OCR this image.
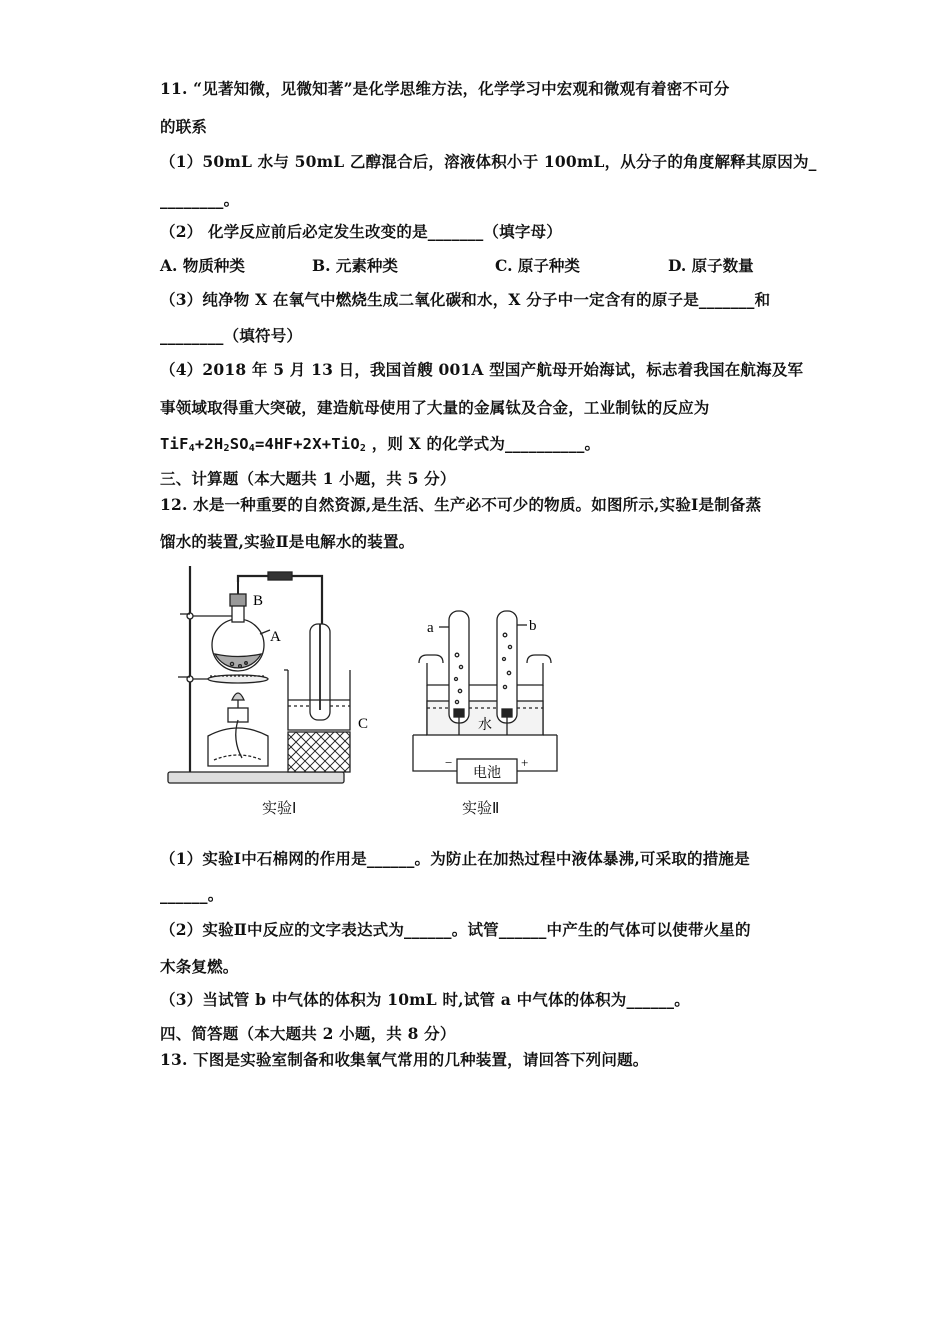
11. “见著知微，见微知著”是化学思维方法，化学学习中宏观和微观有着密不可分
的联系
（1）50mL 水与 50mL 乙醇混合后，溶液体积小于 100mL，从分子的角度解释其原因为_
________。
（2） 化学反应前后必定发生改变的是_______（填字母）
A. 物质种类	B. 元素种类	C. 原子种类	D. 原子数量
（3）纯净物 X 在氧气中燃烧生成二氧化碳和水，X 分子中一定含有的原子是_______和
________（填符号）
（4）2018 年 5 月 13 日，我国首艘 001A 型国产航母开始海试，标志着我国在航海及军
事领域取得重大突破，建造航母使用了大量的金属钛及合金，工业制钛的反应为
$TiF_4+2H_2SO_4=4HF+2X+TiO_2$ ，则 X 的化学式为__________。
三、计算题（本大题共 1 小题，共 5 分）
12. 水是一种重要的自然资源,是生活、生产必不可少的物质。如图所示,实验Ⅰ是制备蒸
馏水的装置,实验Ⅱ是电解水的装置。
B
A
C
实验Ⅰ
a	b
水
电池
−	+
实验Ⅱ
（1）实验Ⅰ中石棉网的作用是______。为防止在加热过程中液体暴沸,可采取的措施是
______。
（2）实验Ⅱ中反应的文字表达式为______。试管______中产生的气体可以使带火星的
木条复燃。
（3）当试管 b 中气体的体积为 10mL 时,试管 a 中气体的体积为______。
四、简答题（本大题共 2 小题，共 8 分）
13. 下图是实验室制备和收集氧气常用的几种装置，请回答下列问题。
